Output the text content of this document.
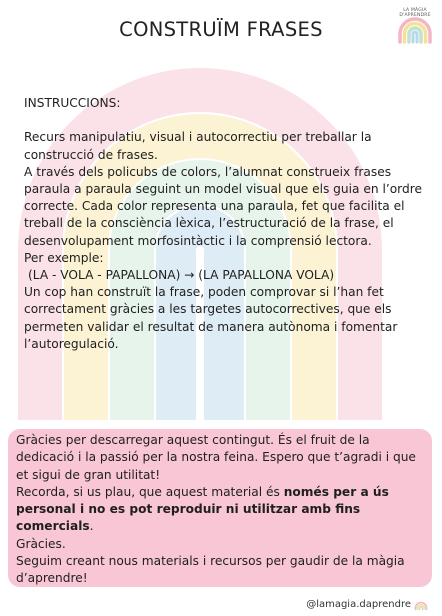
LA MÀGIA D'APRENDRE
CONSTRUÏM FRASES

INSTRUCCIONS:

Recurs manipulatiu, visual i autocorrectiu per treballar la construcció de frases.

A través dels policubs de colors, l’alumnat construeix frases paraula a paraula seguint un model visual que els guia en l’ordre correcte. Cada color representa una paraula, fet que facilita el treball de la consciència lèxica, l’estructuració de la frase, el desenvolupament morfosintàctic i la comprensió lectora.

Per exemple:

(LA - VOLA - PAPALLONA) → (LA PAPALLONA VOLA)

Un cop han construït la frase, poden comprovar si l’han fet correctament gràcies a les targetes autocorrectives, que els permeten validar el resultat de manera autònoma i fomentar l’autoregulació.

Gràcies per descarregar aquest contingut. És el fruit de la dedicació i la passió per la nostra feina. Espero que t’agradi i que et sigui de gran utilitat!

Recorda, si us plau, que aquest material és només per a ús personal i no es pot reproduir ni utilitzar amb fins comercials.

Gràcies.

Seguim creant nous materials i recursos per gaudir de la màgia d’aprendre!

@lamagia.daprendre
